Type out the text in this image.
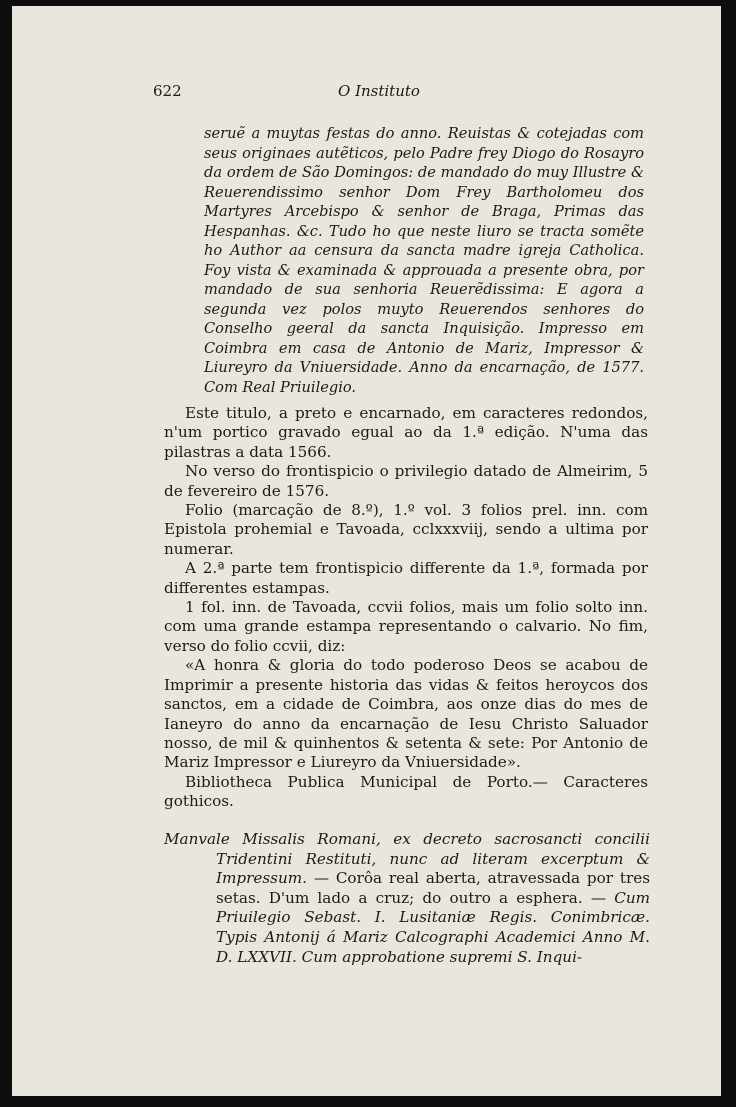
622	O Instituto
seruẽ a muytas festas do anno. Reuistas & cotejadas com seus originaes autẽticos, pelo Padre frey Diogo do Rosayro da ordem de São Domingos: de mandado do muy Illustre & Reuerendissimo senhor Dom Frey Bartholomeu dos Martyres Arcebispo & senhor de Braga, Primas das Hespanhas. &c. Tudo ho que neste liuro se tracta somẽte ho Author aa censura da sancta madre igreja Catholica. Foy vista & examinada & approuada a presente obra, por mandado de sua senhoria Reuerẽdissima: E agora a segunda vez polos muyto Reuerendos senhores do Conselho geeral da sancta Inquisição. Impresso em Coimbra em casa de Antonio de Mariz, Impressor & Liureyro da Vniuersidade. Anno da encarnação, de 1577. Com Real Priuilegio.

Este titulo, a preto e encarnado, em caracteres redondos, n'um portico gravado egual ao da 1.ª edição. N'uma das pilastras a data 1566.

No verso do frontispicio o privilegio datado de Almeirim, 5 de fevereiro de 1576.

Folio (marcação de 8.º), 1.º vol. 3 folios prel. inn. com Epistola prohemial e Tavoada, cclxxxviij, sendo a ultima por numerar.

A 2.ª parte tem frontispicio differente da 1.ª, formada por differentes estampas.

1 fol. inn. de Tavoada, ccvii folios, mais um folio solto inn. com uma grande estampa representando o calvario. No fim, verso do folio ccvii, diz:

«A honra & gloria do todo poderoso Deos se acabou de Imprimir a presente historia das vidas & feitos heroycos dos sanctos, em a cidade de Coimbra, aos onze dias do mes de Ianeyro do anno da encarnação de Iesu Christo Saluador nosso, de mil & quinhentos & setenta & sete: Por Antonio de Mariz Impressor e Liureyro da Vniuersidade».

Bibliotheca Publica Municipal de Porto.— Caracteres gothicos.

Manvale Missalis Romani, ex decreto sacrosancti concilii Tridentini Restituti, nunc ad literam excerptum & Impressum. — Corôa real aberta, atravessada por tres setas. D'um lado a cruz; do outro a esphera. — Cum Priuilegio Sebast. I. Lusitaniæ Regis. Conimbricæ. Typis Antonij á Mariz Calcographi Academici Anno M. D. LXXVII. Cum approbatione supremi S. Inqui-
